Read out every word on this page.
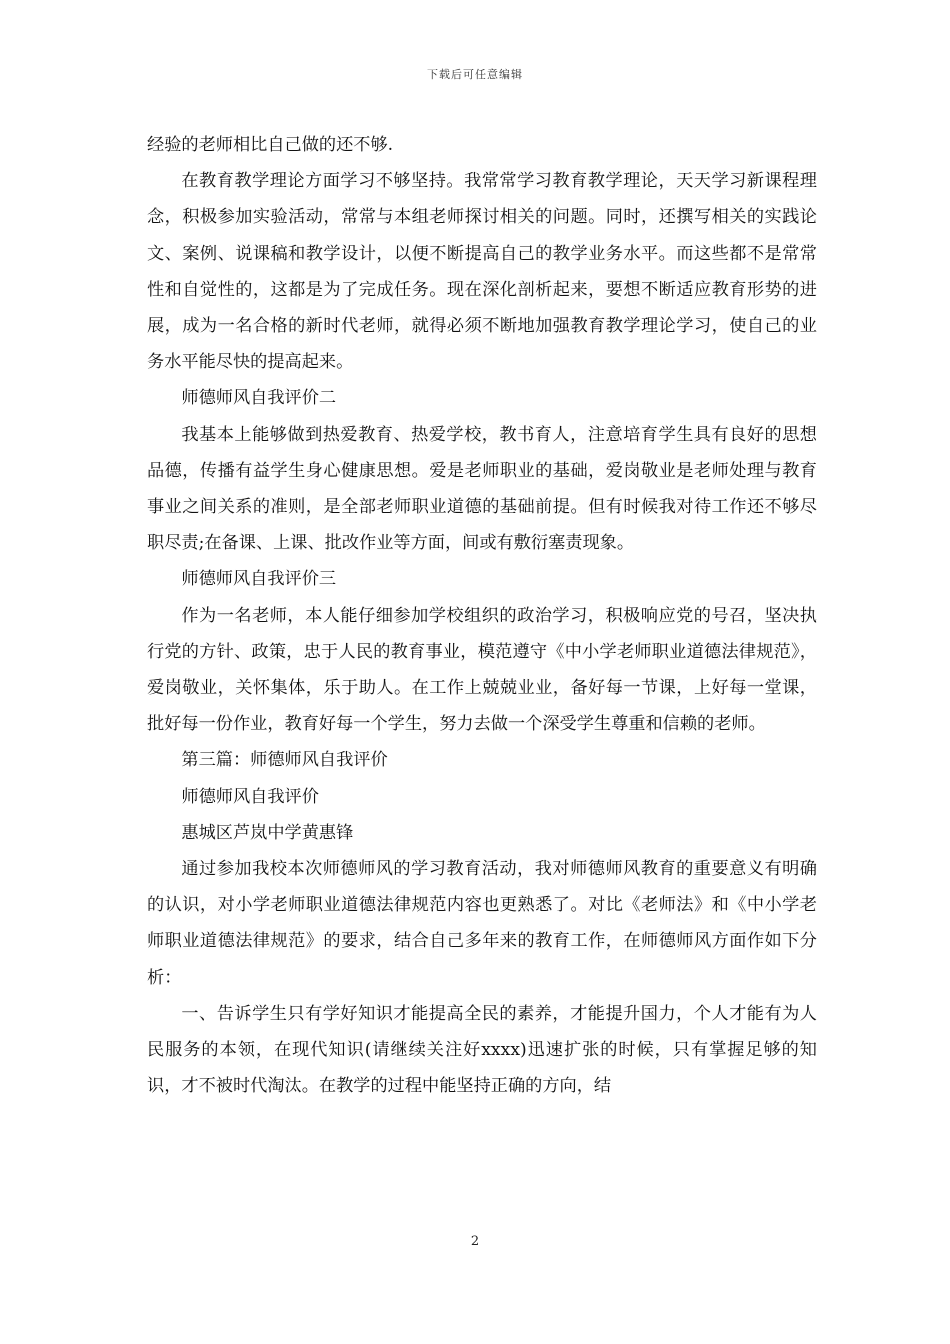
下载后可任意编辑

经验的老师相比自己做的还不够.

在教育教学理论方面学习不够坚持。我常常学习教育教学理论，天天学习新课程理念，积极参加实验活动，常常与本组老师探讨相关的问题。同时，还撰写相关的实践论文、案例、说课稿和教学设计，以便不断提高自己的教学业务水平。而这些都不是常常性和自觉性的，这都是为了完成任务。现在深化剖析起来，要想不断适应教育形势的进展，成为一名合格的新时代老师，就得必须不断地加强教育教学理论学习，使自己的业务水平能尽快的提高起来。

师德师风自我评价二

我基本上能够做到热爱教育、热爱学校，教书育人，注意培育学生具有良好的思想品德，传播有益学生身心健康思想。爱是老师职业的基础，爱岗敬业是老师处理与教育事业之间关系的准则，是全部老师职业道德的基础前提。但有时候我对待工作还不够尽职尽责;在备课、上课、批改作业等方面，间或有敷衍塞责现象。

师德师风自我评价三

作为一名老师，本人能仔细参加学校组织的政治学习，积极响应党的号召，坚决执行党的方针、政策，忠于人民的教育事业，模范遵守《中小学老师职业道德法律规范》，爱岗敬业，关怀集体，乐于助人。在工作上兢兢业业，备好每一节课，上好每一堂课，批好每一份作业，教育好每一个学生，努力去做一个深受学生尊重和信赖的老师。

第三篇：师德师风自我评价

师德师风自我评价

惠城区芦岚中学黄惠锋

通过参加我校本次师德师风的学习教育活动，我对师德师风教育的重要意义有明确的认识，对小学老师职业道德法律规范内容也更熟悉了。对比《老师法》和《中小学老师职业道德法律规范》的要求，结合自己多年来的教育工作，在师德师风方面作如下分析：

一、告诉学生只有学好知识才能提高全民的素养，才能提升国力，个人才能有为人民服务的本领，在现代知识(请继续关注好xxxx)迅速扩张的时候，只有掌握足够的知识，才不被时代淘汰。在教学的过程中能坚持正确的方向，结

2
